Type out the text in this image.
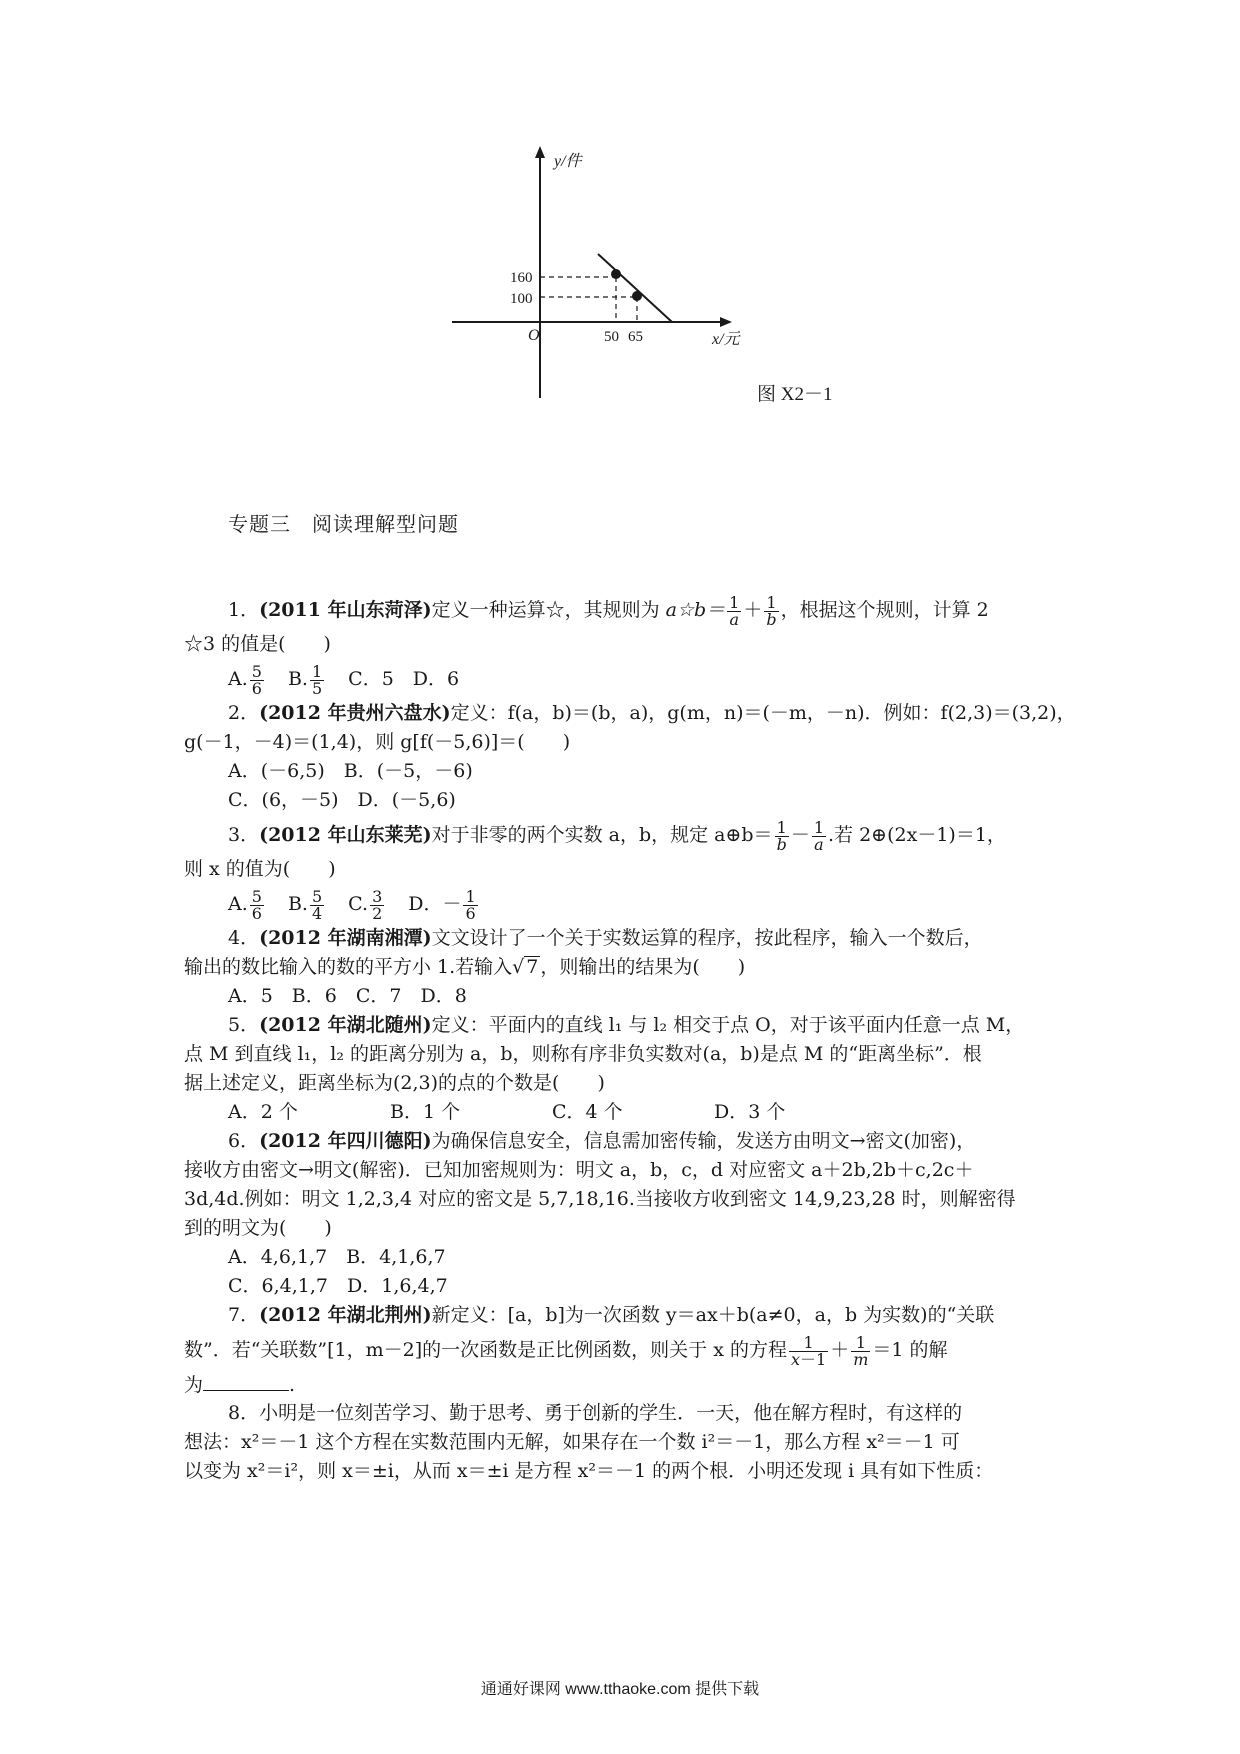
y/件
x/元
O
160
100
50 65
图 X2－1
专题三　阅读理解型问题
1．(2011 年山东菏泽)定义一种运算☆，其规则为 a☆b＝ $\frac{1}{a} + \frac{1}{b}$ ，根据这个规则，计算 2
☆3 的值是(　　)
A. $\frac{5}{6} B$. $\frac{1}{5}$ C．5　D．6
2．(2012 年贵州六盘水)定义：f(a，b)＝(b，a)，g(m，n)＝(－m，－n)．例如：f(2,3)＝(3,2)，
g(－1，－4)＝(1,4)，则 g[f(－5,6)]＝(　　)
A．(－6,5)　B．(－5，－6)
C．(6，－5)　D．(－5,6)
3．(2012 年山东莱芜)对于非零的两个实数 a，b，规定 a⊕b＝ $\frac{1}{b} - \frac{1}{a}$ .若 2⊕(2x－1)＝1，
则 x 的值为(　　)
A. $\frac{5}{6} B$. $\frac{5}{4} C$. $\frac{3}{2}$ D．－ $\frac{1}{6}$
4．(2012 年湖南湘潭)文文设计了一个关于实数运算的程序，按此程序，输入一个数后，
输出的数比输入的数的平方小 1.若输入√ 7 ，则输出的结果为(　　)
A．5　B．6　C．7　D．8
5．(2012 年湖北随州)定义：平面内的直线 l₁ 与 l₂ 相交于点 O，对于该平面内任意一点 M，
点 M 到直线 l₁，l₂ 的距离分别为 a，b，则称有序非负实数对(a，b)是点 M 的“距离坐标”．根
据上述定义，距离坐标为(2,3)的点的个数是(　　)
A．2 个	B．1 个	C．4 个	D．3 个
6．(2012 年四川德阳)为确保信息安全，信息需加密传输，发送方由明文→密文(加密)，
接收方由密文→明文(解密)．已知加密规则为：明文 a，b，c，d 对应密文 a＋2b,2b＋c,2c＋
3d,4d.例如：明文 1,2,3,4 对应的密文是 5,7,18,16.当接收方收到密文 14,9,23,28 时，则解密得
到的明文为(　　)
A．4,6,1,7　B．4,1,6,7
C．6,4,1,7　D．1,6,4,7
7．(2012 年湖北荆州)新定义：[a，b]为一次函数 y＝ax＋b(a≠0，a，b 为实数)的“关联
数”．若“关联数”[1，m－2]的一次函数是正比例函数，则关于 x 的方程 $\frac{1}{x-1} + \frac{1}{m} =1$ 的解
为	.
8．小明是一位刻苦学习、勤于思考、勇于创新的学生．一天，他在解方程时，有这样的
想法：x²＝－1 这个方程在实数范围内无解，如果存在一个数 i²＝－1，那么方程 x²＝－1 可
以变为 x²＝i²，则 x＝±i，从而 x＝±i 是方程 x²＝－1 的两个根．小明还发现 i 具有如下性质：
通通好课网 www.tthaoke.com 提供下载
